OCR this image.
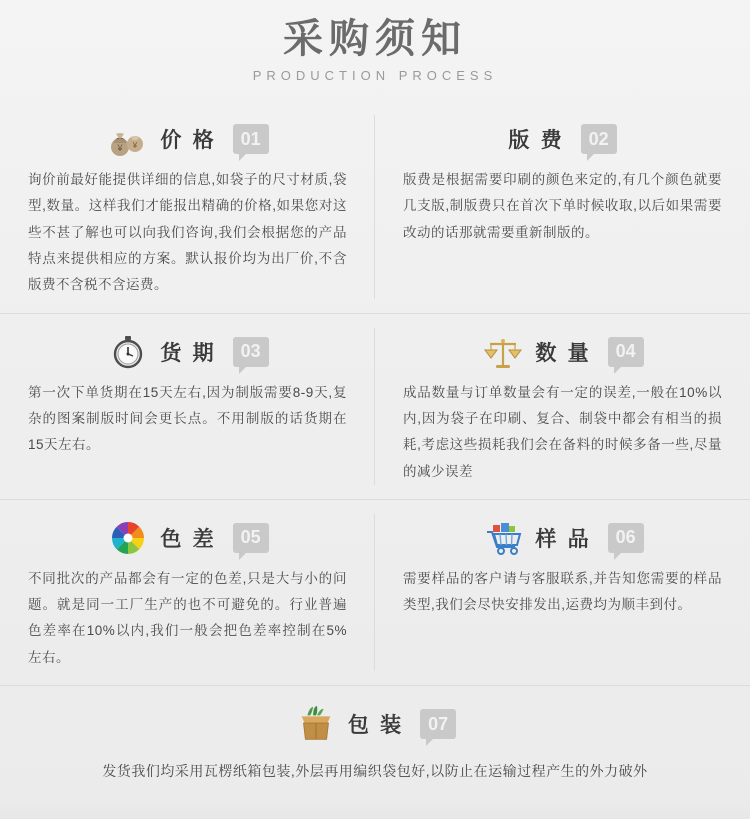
采购须知
PRODUCTION PROCESS
¥ ¥ 价 格	01
询价前最好能提供详细的信息,如袋子的尺寸材质,袋型,数量。这样我们才能报出精确的价格,如果您对这些不甚了解也可以向我们咨询,我们会根据您的产品特点来提供相应的方案。默认报价均为出厂价,不含版费不含税不含运费。
版 费	02
版费是根据需要印刷的颜色来定的,有几个颜色就要几支版,制版费只在首次下单时候收取,以后如果需要改动的话那就需要重新制版的。
货 期	03
第一次下单货期在15天左右,因为制版需要8-9天,复杂的图案制版时间会更长点。不用制版的话货期在15天左右。
数 量	04
成品数量与订单数量会有一定的误差,一般在10%以内,因为袋子在印刷、复合、制袋中都会有相当的损耗,考虑这些损耗我们会在备料的时候多备一些,尽量的减少误差
色 差	05
不同批次的产品都会有一定的色差,只是大与小的问题。就是同一工厂生产的也不可避免的。行业普遍色差率在10%以内,我们一般会把色差率控制在5%左右。
样 品	06
需要样品的客户请与客服联系,并告知您需要的样品类型,我们会尽快安排发出,运费均为顺丰到付。
包 装	07
发货我们均采用瓦楞纸箱包装,外层再用编织袋包好,以防止在运输过程产生的外力破外
